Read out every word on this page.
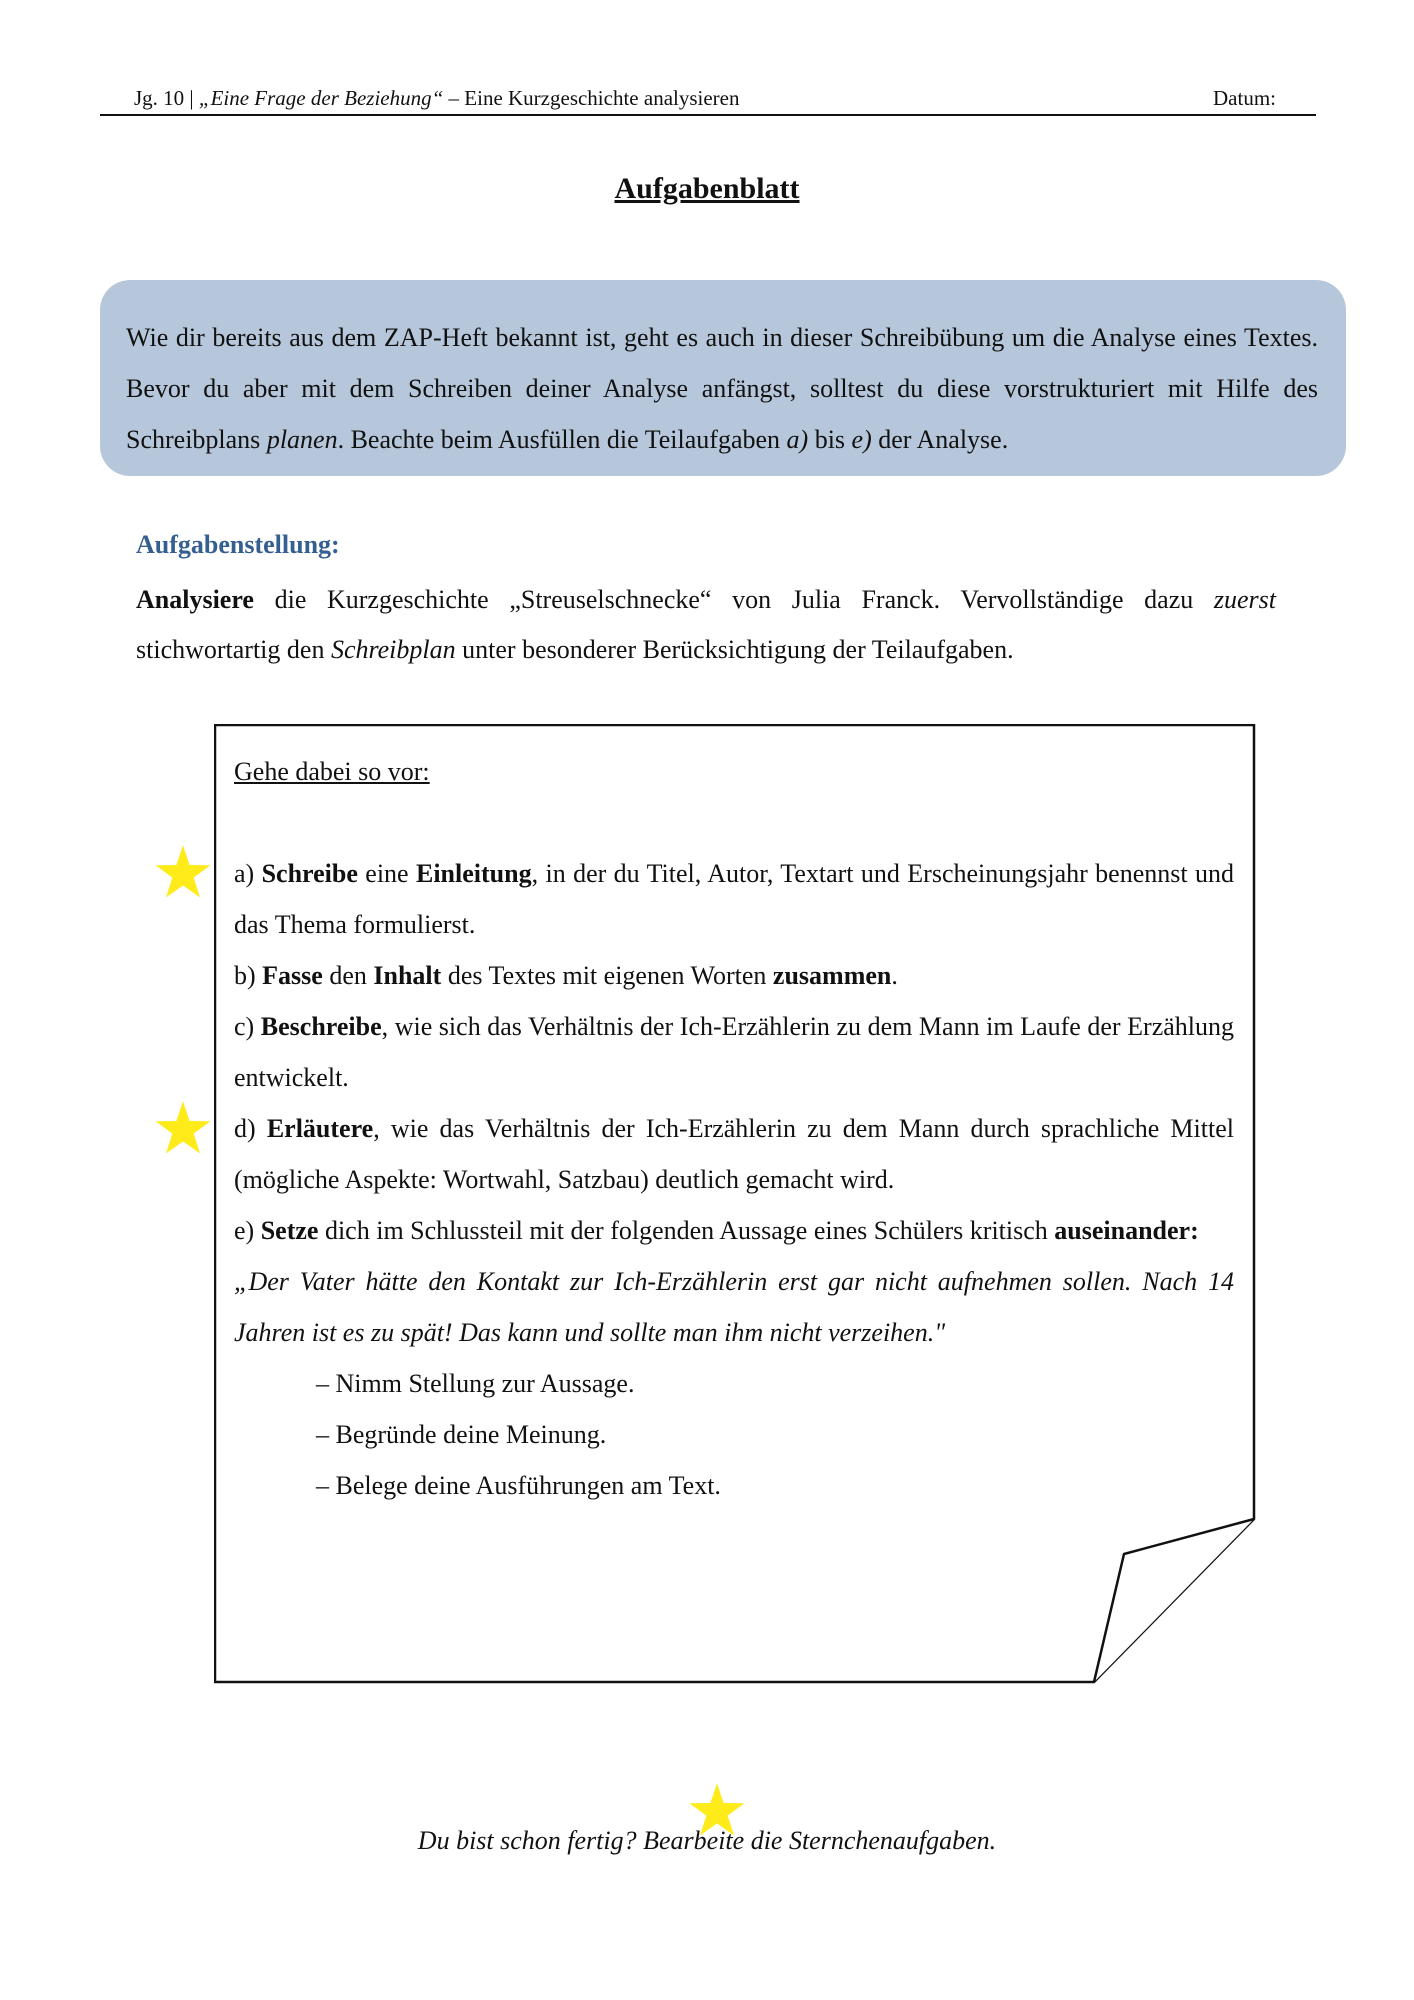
Jg. 10 | „Eine Frage der Beziehung“ – Eine Kurzgeschichte analysieren	Datum:
Aufgabenblatt
Wie dir bereits aus dem ZAP-Heft bekannt ist, geht es auch in dieser Schreibübung um die Analyse eines Textes. Bevor du aber mit dem Schreiben deiner Analyse anfängst, solltest du diese vorstrukturiert mit Hilfe des Schreibplans planen. Beachte beim Ausfüllen die Teilaufgaben a) bis e) der Analyse.
Aufgabenstellung:
Analysiere die Kurzgeschichte „Streuselschnecke“ von Julia Franck. Vervollständige dazu zuerst stichwortartig den Schreibplan unter besonderer Berücksichtigung der Teilaufgaben.

Gehe dabei so vor:

a) Schreibe eine Einleitung, in der du Titel, Autor, Textart und Erscheinungsjahr benennst und das Thema formulierst.

b) Fasse den Inhalt des Textes mit eigenen Worten zusammen.

c) Beschreibe, wie sich das Verhältnis der Ich-Erzählerin zu dem Mann im Laufe der Erzählung entwickelt.

d) Erläutere, wie das Verhältnis der Ich-Erzählerin zu dem Mann durch sprachliche Mittel (mögliche Aspekte: Wortwahl, Satzbau) deutlich gemacht wird.

e) Setze dich im Schlussteil mit der folgenden Aussage eines Schülers kritisch auseinander:

„Der Vater hätte den Kontakt zur Ich-Erzählerin erst gar nicht aufnehmen sollen. Nach 14 Jahren ist es zu spät! Das kann und sollte man ihm nicht verzeihen."

– Nimm Stellung zur Aussage.

– Begründe deine Meinung.

– Belege deine Ausführungen am Text.

Du bist schon fertig? Bearbeite die Sternchenaufgaben.
